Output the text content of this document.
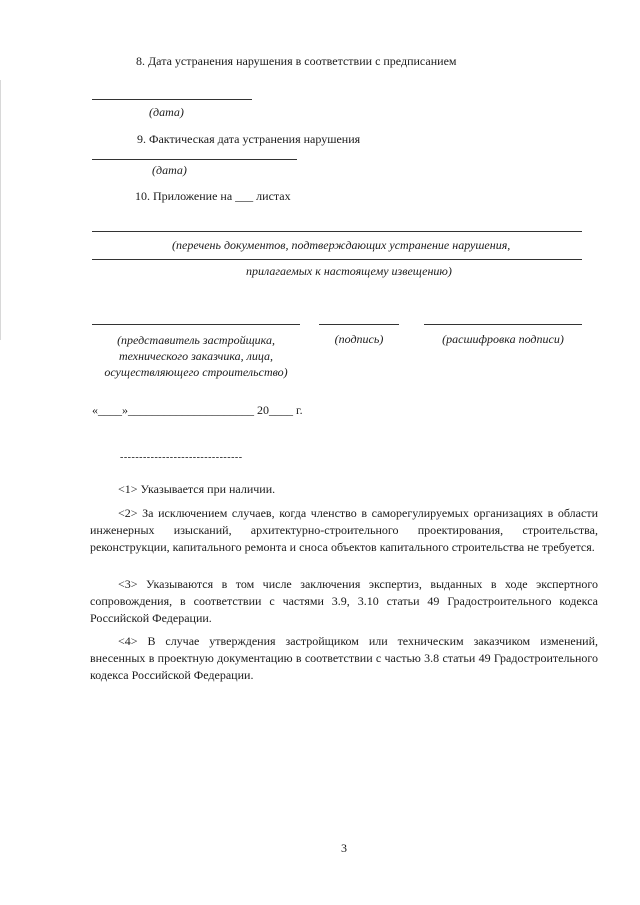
8. Дата устранения нарушения в соответствии с предписанием
(дата)
9. Фактическая дата устранения нарушения
(дата)
10. Приложение на ___ листах
(перечень документов, подтверждающих устранение нарушения,
прилагаемых к настоящему извещению)
(представитель застройщика,
технического заказчика, лица,
осуществляющего строительство)
(подпись)	(расшифровка подписи)
«____»_____________________ 20____ г.
--------------------------------
<1> Указывается при наличии.
<2> За исключением случаев, когда членство в саморегулируемых организациях в области инженерных изысканий, архитектурно-строительного проектирования, строительства, реконструкции, капитального ремонта и сноса объектов капитального строительства не требуется.
<3> Указываются в том числе заключения экспертиз, выданных в ходе экспертного сопровождения, в соответствии с частями 3.9, 3.10 статьи 49 Градостроительного кодекса Российской Федерации.
<4> В случае утверждения застройщиком или техническим заказчиком изменений, внесенных в проектную документацию в соответствии с частью 3.8 статьи 49 Градостроительного кодекса Российской Федерации.
3
